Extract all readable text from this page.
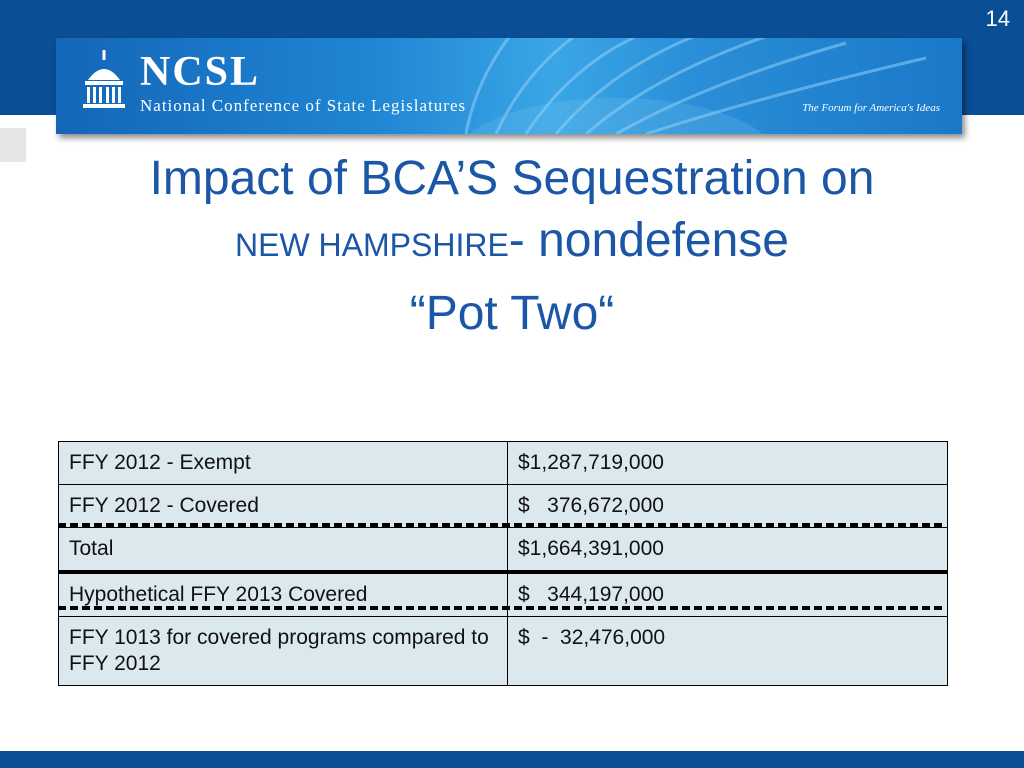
14
NCSL
National Conference of State Legislatures	The Forum for America's Ideas
Impact of BCA’S Sequestration on
NEW HAMPSHIRE- nondefense
“Pot Two“
FFY 2012 - Exempt	$1,287,719,000
FFY 2012 - Covered	$   376,672,000
Total	$1,664,391,000
Hypothetical FFY 2013 Covered	$   344,197,000
FFY 1013 for covered programs compared to FFY 2012	$  -  32,476,000
